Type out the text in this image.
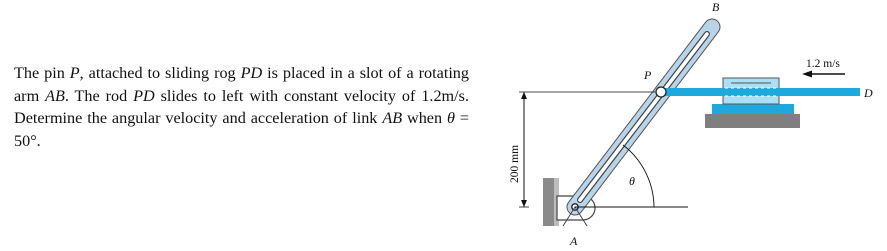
The pin P, attached to sliding rog PD is placed in a slot of a rotating arm AB. The rod PD slides to left with constant velocity of 1.2m/s. Determine the angular velocity and acceleration of link AB when θ = 50°.
B
P
D
A
θ
1.2 m/s
200 mm
